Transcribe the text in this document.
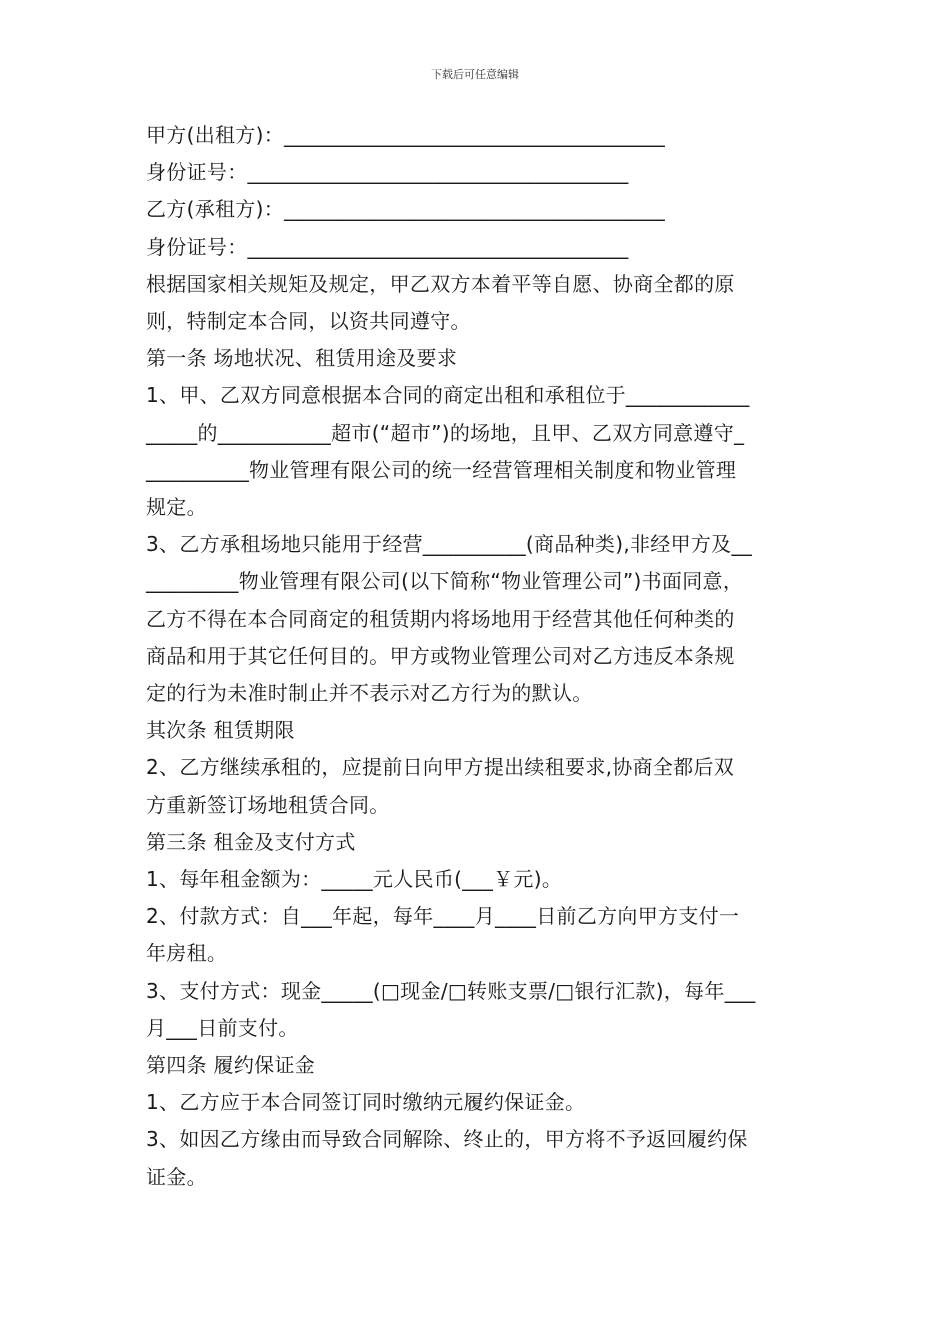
下载后可任意编辑
甲方(出租方)：_____________________________________
身份证号：_____________________________________
乙方(承租方)：_____________________________________
身份证号：_____________________________________
根据国家相关规矩及规定，甲乙双方本着平等自愿、协商全都的原
则，特制定本合同，以资共同遵守。
第一条 场地状况、租赁用途及要求
1、甲、乙双方同意根据本合同的商定出租和承租位于____________
_____的___________超市(“超市”)的场地，且甲、乙双方同意遵守_
__________物业管理有限公司的统一经营管理相关制度和物业管理
规定。
3、乙方承租场地只能用于经营__________(商品种类),非经甲方及__
_________物业管理有限公司(以下简称“物业管理公司”)书面同意，
乙方不得在本合同商定的租赁期内将场地用于经营其他任何种类的
商品和用于其它任何目的。甲方或物业管理公司对乙方违反本条规
定的行为未准时制止并不表示对乙方行为的默认。
其次条 租赁期限
2、乙方继续承租的，应提前日向甲方提出续租要求,协商全都后双
方重新签订场地租赁合同。
第三条 租金及支付方式
1、每年租金额为：_____元人民币(___￥元)。
2、付款方式：自___年起，每年____月____日前乙方向甲方支付一
年房租。
3、支付方式：现金_____(□现金/□转账支票/□银行汇款)，每年___
月___日前支付。
第四条 履约保证金
1、乙方应于本合同签订同时缴纳元履约保证金。
3、如因乙方缘由而导致合同解除、终止的，甲方将不予返回履约保
证金。
